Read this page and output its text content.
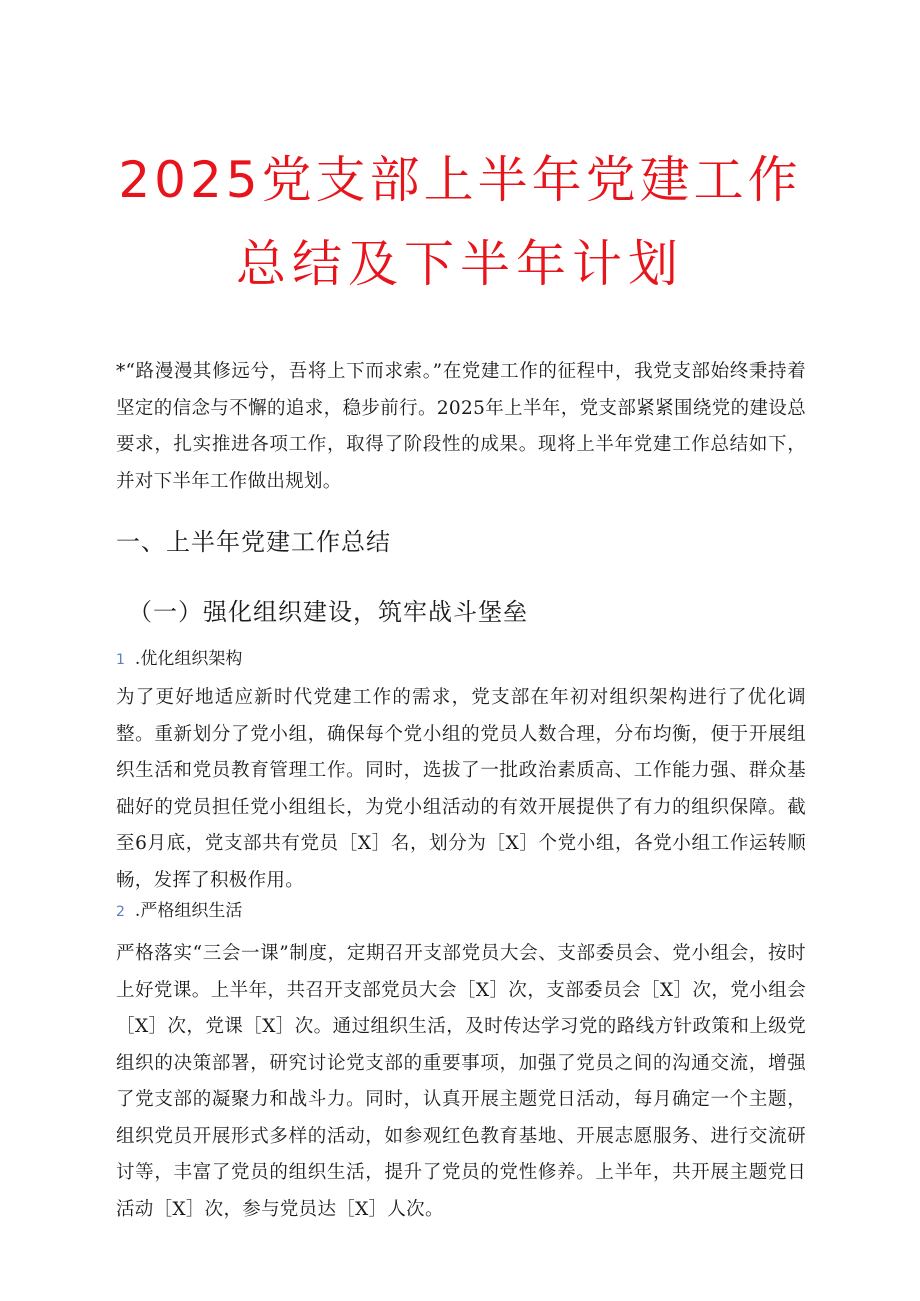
2025党支部上半年党建工作
总结及下半年计划

*“路漫漫其修远兮，吾将上下而求索。”在党建工作的征程中，我党支部始终秉持着坚定的信念与不懈的追求，稳步前行。2025年上半年，党支部紧紧围绕党的建设总要求，扎实推进各项工作，取得了阶段性的成果。现将上半年党建工作总结如下，并对下半年工作做出规划。

一、上半年党建工作总结
（一）强化组织建设，筑牢战斗堡垒
1 .优化组织架构

为了更好地适应新时代党建工作的需求，党支部在年初对组织架构进行了优化调整。重新划分了党小组，确保每个党小组的党员人数合理，分布均衡，便于开展组织生活和党员教育管理工作。同时，选拔了一批政治素质高、工作能力强、群众基础好的党员担任党小组组长，为党小组活动的有效开展提供了有力的组织保障。截至6月底，党支部共有党员［X］名，划分为［X］个党小组，各党小组工作运转顺畅，发挥了积极作用。

2 .严格组织生活

严格落实“三会一课”制度，定期召开支部党员大会、支部委员会、党小组会，按时上好党课。上半年，共召开支部党员大会［X］次，支部委员会［X］次，党小组会［X］次，党课［X］次。通过组织生活，及时传达学习党的路线方针政策和上级党组织的决策部署，研究讨论党支部的重要事项，加强了党员之间的沟通交流，增强了党支部的凝聚力和战斗力。同时，认真开展主题党日活动，每月确定一个主题，组织党员开展形式多样的活动，如参观红色教育基地、开展志愿服务、进行交流研讨等，丰富了党员的组织生活，提升了党员的党性修养。上半年，共开展主题党日活动［X］次，参与党员达［X］人次。
